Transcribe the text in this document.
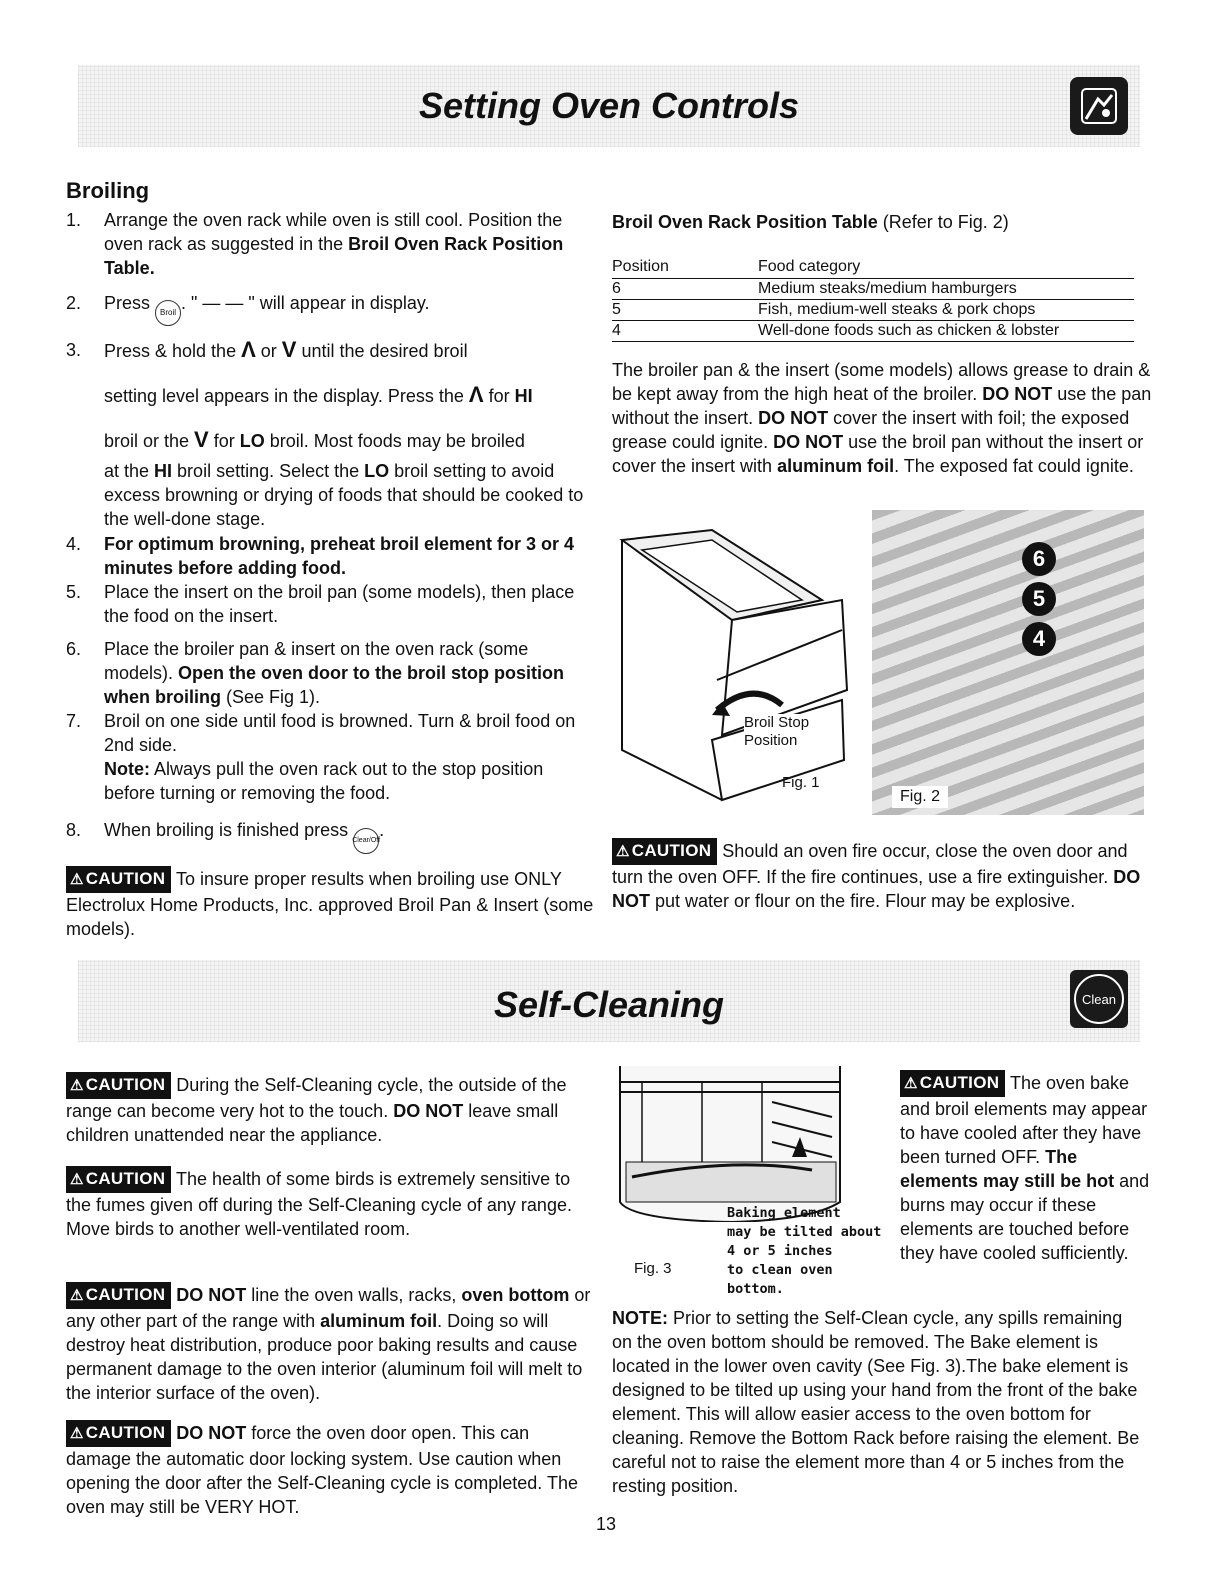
Setting Oven Controls
Broiling
1. Arrange the oven rack while oven is still cool. Position the oven rack as suggested in the Broil Oven Rack Position Table.
2. Press Broil . " — — " will appear in display.
3. Press & hold the Λ or V until the desired broil
setting level appears in the display. Press the Λ for HI
broil or the V for LO broil. Most foods may be broiled
at the HI broil setting. Select the LO broil setting to avoid excess browning or drying of foods that should be cooked to the well-done stage.
4. For optimum browning, preheat broil element for 3 or 4 minutes before adding food.
5. Place the insert on the broil pan (some models), then place the food on the insert.
6. Place the broiler pan & insert on the oven rack (some models). Open the oven door to the broil stop position when broiling (See Fig 1).
7. Broil on one side until food is browned. Turn & broil food on 2nd side.
Note: Always pull the oven rack out to the stop position before turning or removing the food.
8. When broiling is finished press Clear/Off.
⚠ CAUTION To insure proper results when broiling use ONLY Electrolux Home Products, Inc. approved Broil Pan & Insert (some models).
Broil Oven Rack Position Table (Refer to Fig. 2)
Position	Food category
6	Medium steaks/medium hamburgers
5	Fish, medium-well steaks & pork chops
4	Well-done foods such as chicken & lobster
The broiler pan & the insert (some models) allows grease to drain & be kept away from the high heat of the broiler. DO NOT use the pan without the insert. DO NOT cover the insert with foil; the exposed grease could ignite. DO NOT use the broil pan without the insert or cover the insert with aluminum foil. The exposed fat could ignite.
Broil Stop
Position
Fig. 1
6
5
4
Fig. 2
⚠ CAUTION Should an oven fire occur, close the oven door and turn the oven OFF. If the fire continues, use a fire extinguisher. DO NOT put water or flour on the fire. Flour may be explosive.
Self-Cleaning	Clean
⚠ CAUTION During the Self-Cleaning cycle, the outside of the range can become very hot to the touch. DO NOT leave small children unattended near the appliance.
⚠ CAUTION The health of some birds is extremely sensitive to the fumes given off during the Self-Cleaning cycle of any range. Move birds to another well-ventilated room.
⚠ CAUTION DO NOT line the oven walls, racks, oven bottom or any other part of the range with aluminum foil. Doing so will destroy heat distribution, produce poor baking results and cause permanent damage to the oven interior (aluminum foil will melt to the interior surface of the oven).
⚠ CAUTION DO NOT force the oven door open. This can damage the automatic door locking system. Use caution when opening the door after the Self-Cleaning cycle is completed. The oven may still be VERY HOT.
Fig. 3
Baking element
may be tilted about
4 or 5 inches
to clean oven
bottom.
⚠ CAUTION The oven bake and broil elements may appear to have cooled after they have been turned OFF. The elements may still be hot and burns may occur if these elements are touched before they have cooled sufficiently.
NOTE: Prior to setting the Self-Clean cycle, any spills remaining on the oven bottom should be removed. The Bake element is located in the lower oven cavity (See Fig. 3).The bake element is designed to be tilted up using your hand from the front of the bake element. This will allow easier access to the oven bottom for cleaning. Remove the Bottom Rack before raising the element. Be careful not to raise the element more than 4 or 5 inches from the resting position.
13
